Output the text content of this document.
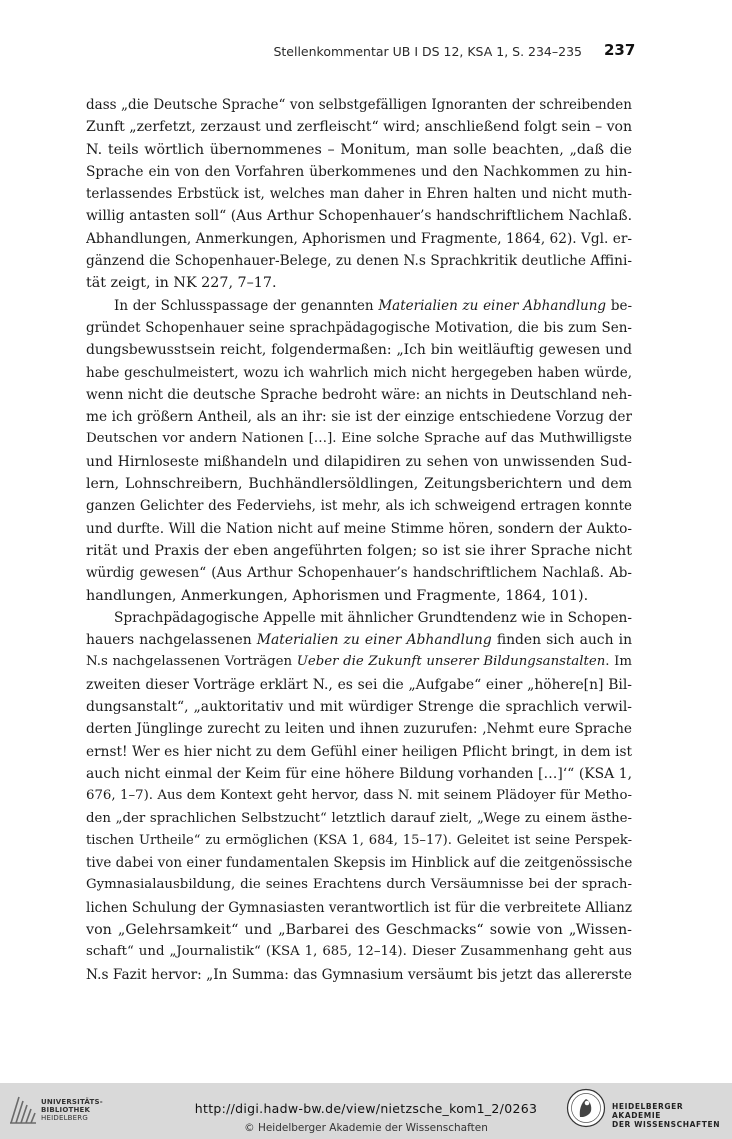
Stellenkommentar UB I DS 12, KSA 1, S. 234–235 237
dass „die Deutsche Sprache“ von selbstgefälligen Ignoranten der schreibenden
Zunft „zerfetzt, zerzaust und zerfleischt“ wird; anschließend folgt sein – von
N. teils wörtlich übernommenes – Monitum, man solle beachten, „daß die
Sprache ein von den Vorfahren überkommenes und den Nachkommen zu hin-
terlassendes Erbstück ist, welches man daher in Ehren halten und nicht muth-
willig antasten soll“ (Aus Arthur Schopenhauer’s handschriftlichem Nachlaß.
Abhandlungen, Anmerkungen, Aphorismen und Fragmente, 1864, 62). Vgl. er-
gänzend die Schopenhauer-Belege, zu denen N.s Sprachkritik deutliche Affini-
tät zeigt, in NK 227, 7–17.
In der Schlusspassage der genannten Materialien zu einer Abhandlung be-
gründet Schopenhauer seine sprachpädagogische Motivation, die bis zum Sen-
dungsbewusstsein reicht, folgendermaßen: „Ich bin weitläuftig gewesen und
habe geschulmeistert, wozu ich wahrlich mich nicht hergegeben haben würde,
wenn nicht die deutsche Sprache bedroht wäre: an nichts in Deutschland neh-
me ich größern Antheil, als an ihr: sie ist der einzige entschiedene Vorzug der
Deutschen vor andern Nationen […]. Eine solche Sprache auf das Muthwilligste
und Hirnloseste mißhandeln und dilapidiren zu sehen von unwissenden Sud-
lern, Lohnschreibern, Buchhändlersöldlingen, Zeitungsberichtern und dem
ganzen Gelichter des Federviehs, ist mehr, als ich schweigend ertragen konnte
und durfte. Will die Nation nicht auf meine Stimme hören, sondern der Aukto-
rität und Praxis der eben angeführten folgen; so ist sie ihrer Sprache nicht
würdig gewesen“ (Aus Arthur Schopenhauer’s handschriftlichem Nachlaß. Ab-
handlungen, Anmerkungen, Aphorismen und Fragmente, 1864, 101).
Sprachpädagogische Appelle mit ähnlicher Grundtendenz wie in Schopen-
hauers nachgelassenen Materialien zu einer Abhandlung finden sich auch in
N.s nachgelassenen Vorträgen Ueber die Zukunft unserer Bildungsanstalten. Im
zweiten dieser Vorträge erklärt N., es sei die „Aufgabe“ einer „höhere[n] Bil-
dungsanstalt“, „auktoritativ und mit würdiger Strenge die sprachlich verwil-
derten Jünglinge zurecht zu leiten und ihnen zuzurufen: ‚Nehmt eure Sprache
ernst! Wer es hier nicht zu dem Gefühl einer heiligen Pflicht bringt, in dem ist
auch nicht einmal der Keim für eine höhere Bildung vorhanden […]‘“ (KSA 1,
676, 1–7). Aus dem Kontext geht hervor, dass N. mit seinem Plädoyer für Metho-
den „der sprachlichen Selbstzucht“ letztlich darauf zielt, „Wege zu einem ästhe-
tischen Urtheile“ zu ermöglichen (KSA 1, 684, 15–17). Geleitet ist seine Perspek-
tive dabei von einer fundamentalen Skepsis im Hinblick auf die zeitgenössische
Gymnasialausbildung, die seines Erachtens durch Versäumnisse bei der sprach-
lichen Schulung der Gymnasiasten verantwortlich ist für die verbreitete Allianz
von „Gelehrsamkeit“ und „Barbarei des Geschmacks“ sowie von „Wissen-
schaft“ und „Journalistik“ (KSA 1, 685, 12–14). Dieser Zusammenhang geht aus
N.s Fazit hervor: „In Summa: das Gymnasium versäumt bis jetzt das allererste
UNIVERSITÄTS-
BIBLIOTHEK
HEIDELBERG
http://digi.hadw-bw.de/view/nietzsche_kom1_2/0263
© Heidelberger Akademie der Wissenschaften
HEIDELBERGER AKADEMIE
DER WISSENSCHAFTEN
